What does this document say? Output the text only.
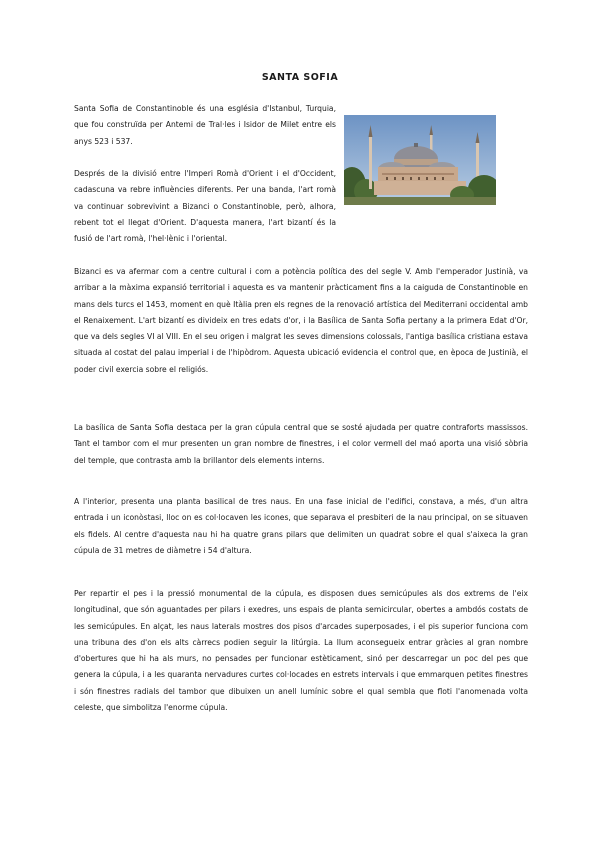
SANTA SOFIA

Santa Sofia de Constantinoble és una església d'Istanbul, Turquia, que fou construïda per Antemi de Tral·les i Isidor de Milet entre els anys 523 i 537.

Després de la divisió entre l'Imperi Romà d'Orient i el d'Occident, cadascuna va rebre influències diferents. Per una banda, l'art romà va continuar sobrevivint a Bizanci o Constantinoble, però, alhora, rebent tot el llegat d'Orient. D'aquesta manera, l'art bizantí és la fusió de l'art romà, l'hel·lènic i l'oriental.

Bizanci es va afermar com a centre cultural i com a potència política des del segle V. Amb l'emperador Justinià, va arribar a la màxima expansió territorial i aquesta es va mantenir pràcticament fins a la caiguda de Constantinoble en mans dels turcs el 1453, moment en què Itàlia pren els regnes de la renovació artística del Mediterrani occidental amb el Renaixement. L'art bizantí es divideix en tres edats d'or, i la Basílica de Santa Sofia pertany a la primera Edat d'Or, que va dels segles VI al VIII. En el seu origen i malgrat les seves dimensions colossals, l'antiga basílica cristiana estava situada al costat del palau imperial i de l'hipòdrom. Aquesta ubicació evidencia el control que, en època de Justinià, el poder civil exercia sobre el religiós.

La basílica de Santa Sofia destaca per la gran cúpula central que se sosté ajudada per quatre contraforts massissos. Tant el tambor com el mur presenten un gran nombre de finestres, i el color vermell del maó aporta una visió sòbria del temple, que contrasta amb la brillantor dels elements interns.

A l'interior, presenta una planta basilical de tres naus. En una fase inicial de l'edifici, constava, a més, d'un altra entrada i un iconòstasi, lloc on es col·locaven les icones, que separava el presbiteri de la nau principal, on se situaven els fidels. Al centre d'aquesta nau hi ha quatre grans pilars que delimiten un quadrat sobre el qual s'aixeca la gran cúpula de 31 metres de diàmetre i 54 d'altura.

Per repartir el pes i la pressió monumental de la cúpula, es disposen dues semicúpules als dos extrems de l'eix longitudinal, que són aguantades per pilars i exedres, uns espais de planta semicircular, obertes a ambdós costats de les semicúpules. En alçat, les naus laterals mostres dos pisos d'arcades superposades, i el pis superior funciona com una tribuna des d'on els alts càrrecs podien seguir la litúrgia. La llum aconsegueix entrar gràcies al gran nombre d'obertures que hi ha als murs, no pensades per funcionar estèticament, sinó per descarregar un poc del pes que genera la cúpula, i a les quaranta nervadures curtes col·locades en estrets intervals i que emmarquen petites finestres i són finestres radials del tambor que dibuixen un anell lumínic sobre el qual sembla que floti l'anomenada volta celeste, que simbolitza l'enorme cúpula.
